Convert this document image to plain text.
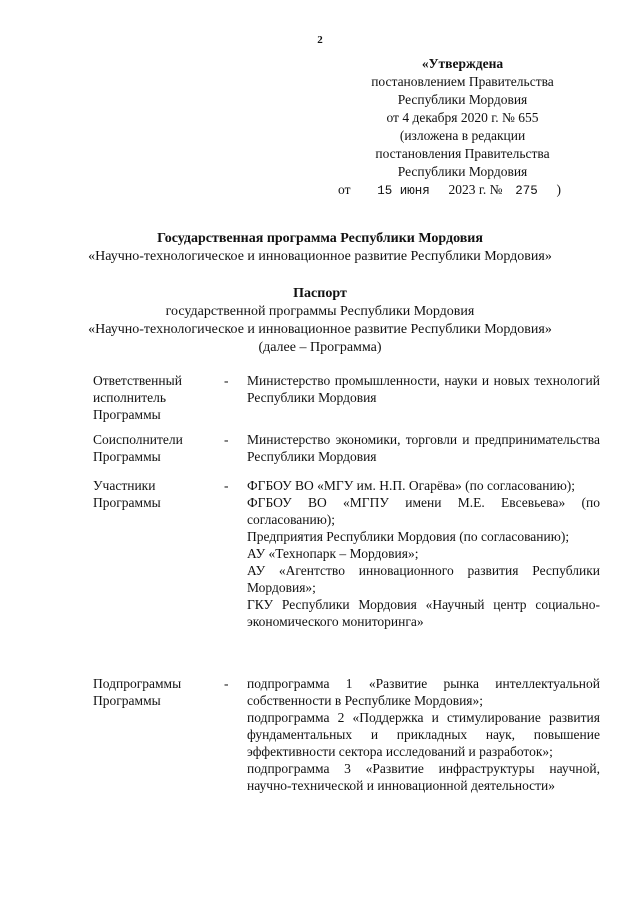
2
«Утверждена
постановлением Правительства
Республики Мордовия
от 4 декабря 2020 г. № 655
(изложена в редакции
постановления Правительства
Республики Мордовия
от 15 июня 2023 г. № 275 )
Государственная программа Республики Мордовия
«Научно-технологическое и инновационное развитие Республики Мордовия»
Паспорт
государственной программы Республики Мордовия
«Научно-технологическое и инновационное развитие Республики Мордовия»
(далее – Программа)
Ответственный исполнитель Программы
- Министерство промышленности, науки и новых технологий Республики Мордовия
Соисполнители Программы
- Министерство экономики, торговли и предпринимательства Республики Мордовия
Участники Программы
- ФГБОУ ВО «МГУ им. Н.П. Огарёва» (по согласованию);
ФГБОУ ВО «МГПУ имени М.Е. Евсевьева» (по согласованию);
Предприятия Республики Мордовия (по согласованию);
АУ «Технопарк – Мордовия»;
АУ «Агентство инновационного развития Республики Мордовия»;
ГКУ Республики Мордовия «Научный центр социально-экономического мониторинга»
Подпрограммы Программы
- подпрограмма 1 «Развитие рынка интеллектуальной собственности в Республике Мордовия»;
подпрограмма 2 «Поддержка и стимулирование развития фундаментальных и прикладных наук, повышение эффективности сектора исследований и разработок»;
подпрограмма 3 «Развитие инфраструктуры научной, научно-технической и инновационной деятельности»
